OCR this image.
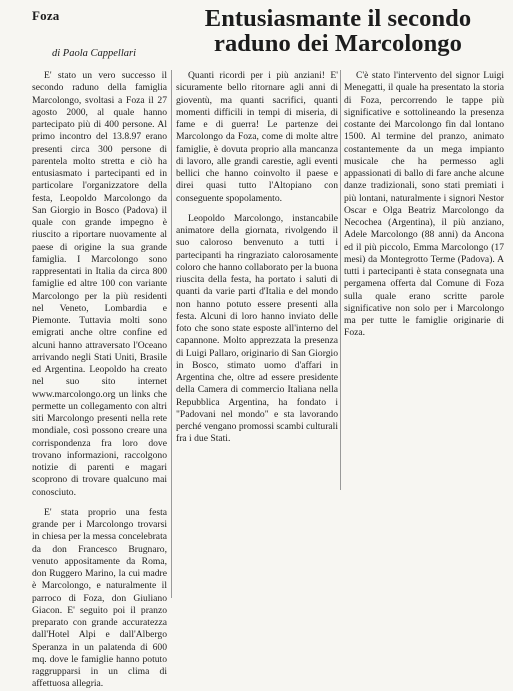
Foza	Entusiasmante il secondo raduno dei Marcolongo
di Paola Cappellari

E' stato un vero successo il secondo raduno della famiglia Marcolongo, svoltasi a Foza il 27 agosto 2000, al quale hanno partecipato più di 400 persone. Al primo incontro del 13.8.97 erano presenti circa 300 persone di parentela molto stretta e ciò ha entusiasmato i partecipanti ed in particolare l'organizzatore della festa, Leopoldo Marcolongo da San Giorgio in Bosco (Padova) il quale con grande impegno è riuscito a riportare nuovamente al paese di origine la sua grande famiglia. I Marcolongo sono rappresentati in Italia da circa 800 famiglie ed altre 100 con variante Marcolongo per la più residenti nel Veneto, Lombardia e Piemonte. Tuttavia molti sono emigrati anche oltre confine ed alcuni hanno attraversato l'Oceano arrivando negli Stati Uniti, Brasile ed Argentina. Leopoldo ha creato nel suo sito internet www.marcolongo.org un links che permette un collegamento con altri siti Marcolongo presenti nella rete mondiale, così possono creare una corrispondenza fra loro dove trovano informazioni, raccolgono notizie di parenti e magari scoprono di trovare qualcuno mai conosciuto.

E' stata proprio una festa grande per i Marcolongo trovarsi in chiesa per la messa concelebrata da don Francesco Brugnaro, venuto appositamente da Roma, don Ruggero Marino, la cui madre è Marcolongo, e naturalmente il parroco di Foza, don Giuliano Giacon. E' seguito poi il pranzo preparato con grande accuratezza dall'Hotel Alpi e dall'Albergo Speranza in un palatenda di 600 mq. dove le famiglie hanno potuto raggrupparsi in un clima di affettuosa allegria.

Quanti ricordi per i più anziani! E' sicuramente bello ritornare agli anni di gioventù, ma quanti sacrifici, quanti momenti difficili in tempi di miseria, di fame e di guerra! Le partenze dei Marcolongo da Foza, come di molte altre famiglie, è dovuta proprio alla mancanza di lavoro, alle grandi carestie, agli eventi bellici che hanno coinvolto il paese e direi quasi tutto l'Altopiano con conseguente spopolamento.

Leopoldo Marcolongo, instancabile animatore della giornata, rivolgendo il suo caloroso benvenuto a tutti i partecipanti ha ringraziato calorosamente coloro che hanno collaborato per la buona riuscita della festa, ha portato i saluti di quanti da varie parti d'Italia e del mondo non hanno potuto essere presenti alla festa. Alcuni di loro hanno inviato delle foto che sono state esposte all'interno del capannone. Molto apprezzata la presenza di Luigi Pallaro, originario di San Giorgio in Bosco, stimato uomo d'affari in Argentina che, oltre ad essere presidente della Camera di commercio Italiana nella Repubblica Argentina, ha fondato i "Padovani nel mondo" e sta lavorando perché vengano promossi scambi culturali fra i due Stati.

C'è stato l'intervento del signor Luigi Menegatti, il quale ha presentato la storia di Foza, percorrendo le tappe più significative e sottolineando la presenza costante dei Marcolongo fin dal lontano 1500. Al termine del pranzo, animato costantemente da un mega impianto musicale che ha permesso agli appassionati di ballo di fare anche alcune danze tradizionali, sono stati premiati i più lontani, naturalmente i signori Nestor Oscar e Olga Beatriz Marcolongo da Necochea (Argentina), il più anziano, Adele Marcolongo (88 anni) da Ancona ed il più piccolo, Emma Marcolongo (17 mesi) da Montegrotto Terme (Padova). A tutti i partecipanti è stata consegnata una pergamena offerta dal Comune di Foza sulla quale erano scritte parole significative non solo per i Marcolongo ma per tutte le famiglie originarie di Foza.
